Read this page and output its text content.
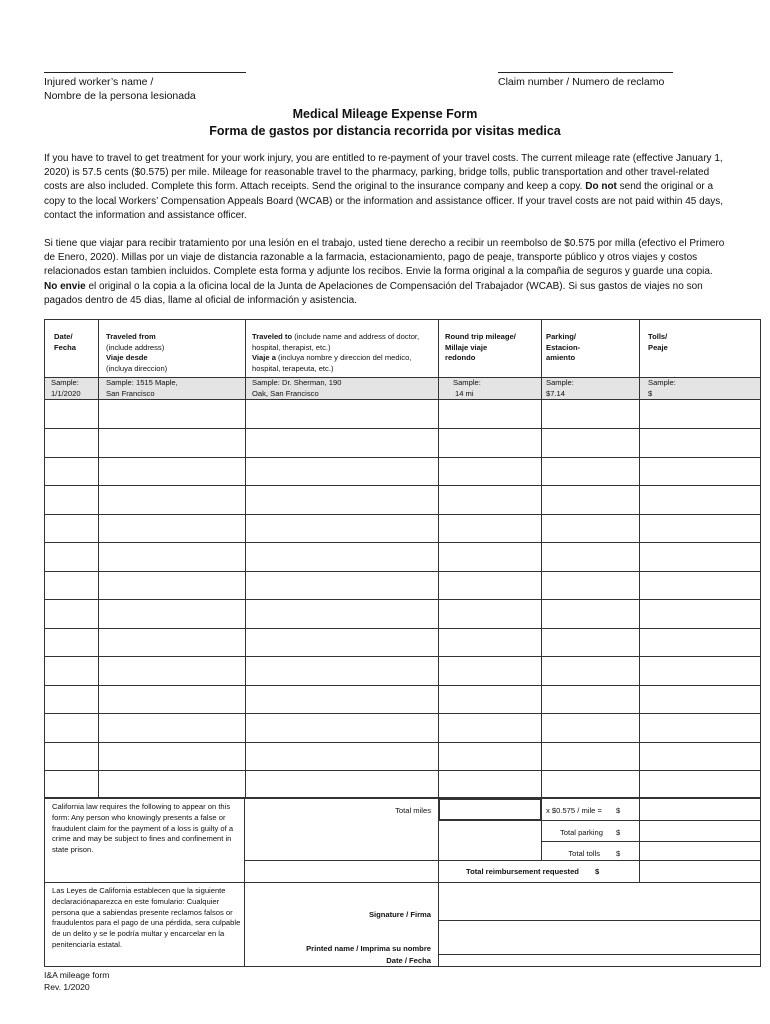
Injured worker’s name /
Nombre de la persona lesionada
Claim number / Numero de reclamo
Medical Mileage Expense Form
Forma de gastos por distancia recorrida por visitas medica
If you have to travel to get treatment for your work injury, you are entitled to re-payment of your travel costs. The current mileage rate (effective January 1, 2020) is 57.5 cents ($0.575) per mile. Mileage for reasonable travel to the pharmacy, parking, bridge tolls, public transportation and other travel-related costs are also included. Complete this form. Attach receipts. Send the original to the insurance company and keep a copy. Do not send the original or a copy to the local Workers’ Compensation Appeals Board (WCAB) or the information and assistance officer. If your travel costs are not paid within 45 days, contact the information and assistance officer.
Si tiene que viajar para recibir tratamiento por una lesión en el trabajo, usted tiene derecho a recibir un reembolso de $0.575 por milla (efectivo el Primero de Enero, 2020). Millas por un viaje de distancia razonable a la farmacia, estacionamiento, pago de peaje, transporte público y otros viajes y costos relacionados estan tambien incluidos. Complete esta forma y adjunte los recibos. Envie la forma original a la compañia de seguros y guarde una copia. No envie el original o la copia a la oficina local de la Junta de Apelaciones de Compensación del Trabajador (WCAB). Si sus gastos de viajes no son pagados dentro de 45 dias, llame al oficial de información y asistencia.
Date/
Fecha
Traveled from
(include address)
Viaje desde
(incluya direccion)
Traveled to (include name and address of doctor,
hospital, therapist, etc.)
Viaje a (incluya nombre y direccion del medico,
hospital, terapeuta, etc.)
Round trip mileage/
Millaje viaje
redondo
Parking/
Estacion-
amiento
Tolls/
Peaje
Sample:
1/1/2020
Sample: 1515 Maple,
San Francisco
Sample: Dr. Sherman, 190
Oak, San Francisco
Sample:
14 mi
Sample:
$7.14
Sample:
$
California law requires the following to appear on this form: Any person who knowingly presents a false or fraudulent claim for the payment of a loss is guilty of a crime and may be subject to fines and confinement in state prison.
Total miles	x $0.575 / mile = $
Total parking $
Total tolls $
Total reimbursement requested $
Las Leyes de California establecen que la siguiente declaraciónaparezca en este fomulario: Cualquier persona que a sabiendas presente reclamos falsos or fraudulentos para el pago de una pérdida, sera culpable de un delito y se le podría multar y encarcelar en la penitenciaría estatal.
Signature / Firma
Printed name / Imprima su nombre
Date / Fecha
I&A mileage form
Rev. 1/2020
